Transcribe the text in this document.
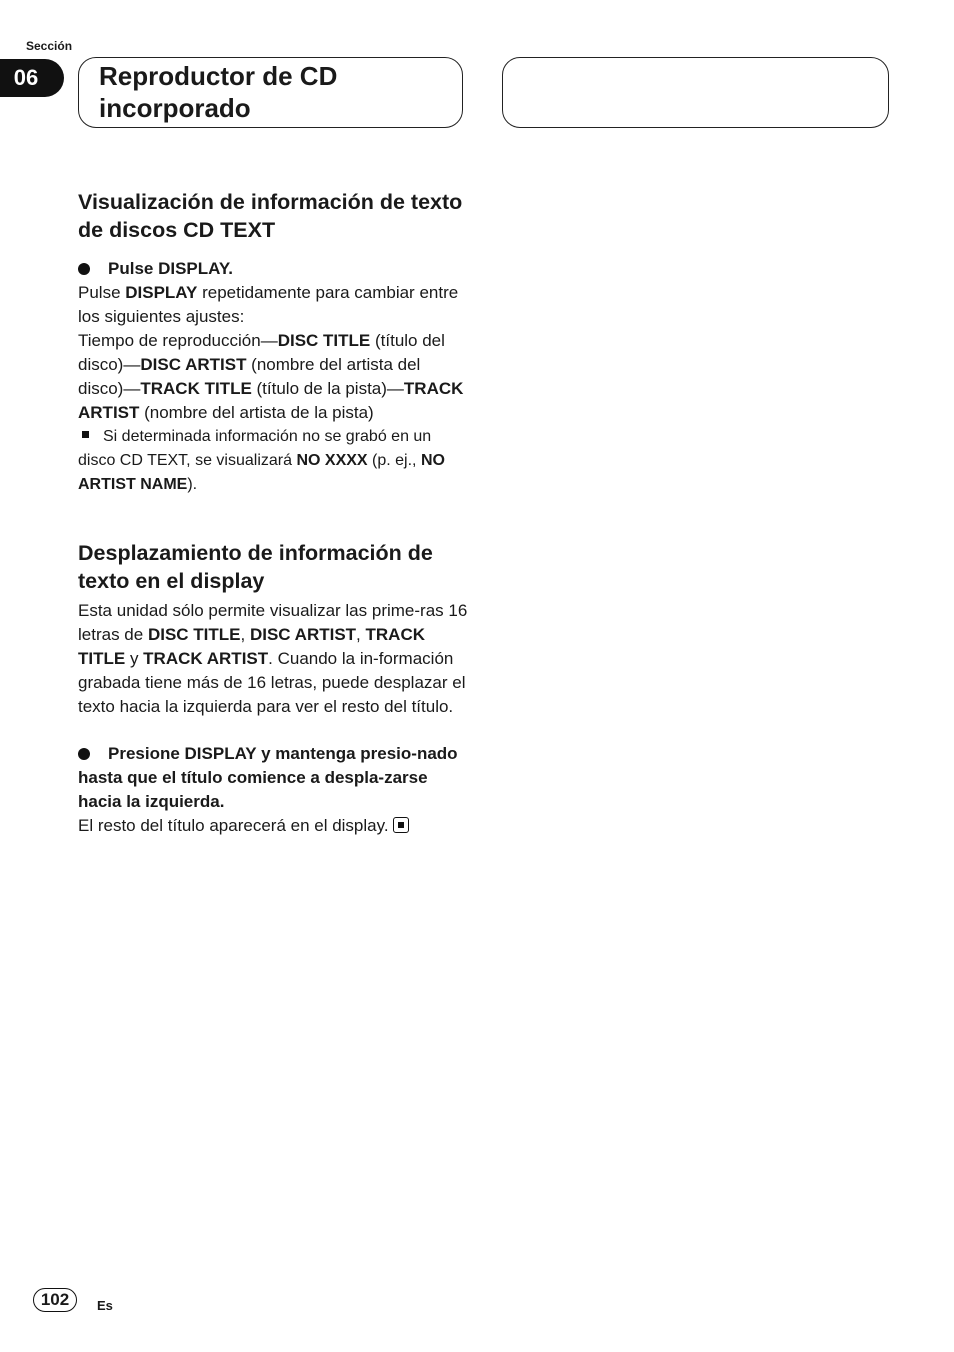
Sección
06	Reproductor de CD incorporado
Visualización de información de texto de discos CD TEXT
Pulse DISPLAY.
Pulse DISPLAY repetidamente para cambiar entre los siguientes ajustes:
Tiempo de reproducción—DISC TITLE (título del disco)—DISC ARTIST (nombre del artista del disco)—TRACK TITLE (título de la pista)—TRACK ARTIST (nombre del artista de la pista)
Si determinada información no se grabó en un disco CD TEXT, se visualizará NO XXXX (p. ej., NO ARTIST NAME).
Desplazamiento de información de texto en el display
Esta unidad sólo permite visualizar las prime-ras 16 letras de DISC TITLE, DISC ARTIST, TRACK TITLE y TRACK ARTIST. Cuando la in-formación grabada tiene más de 16 letras, puede desplazar el texto hacia la izquierda para ver el resto del título.
Presione DISPLAY y mantenga presio-nado hasta que el título comience a despla-zarse hacia la izquierda.
El resto del título aparecerá en el display.
102	Es
